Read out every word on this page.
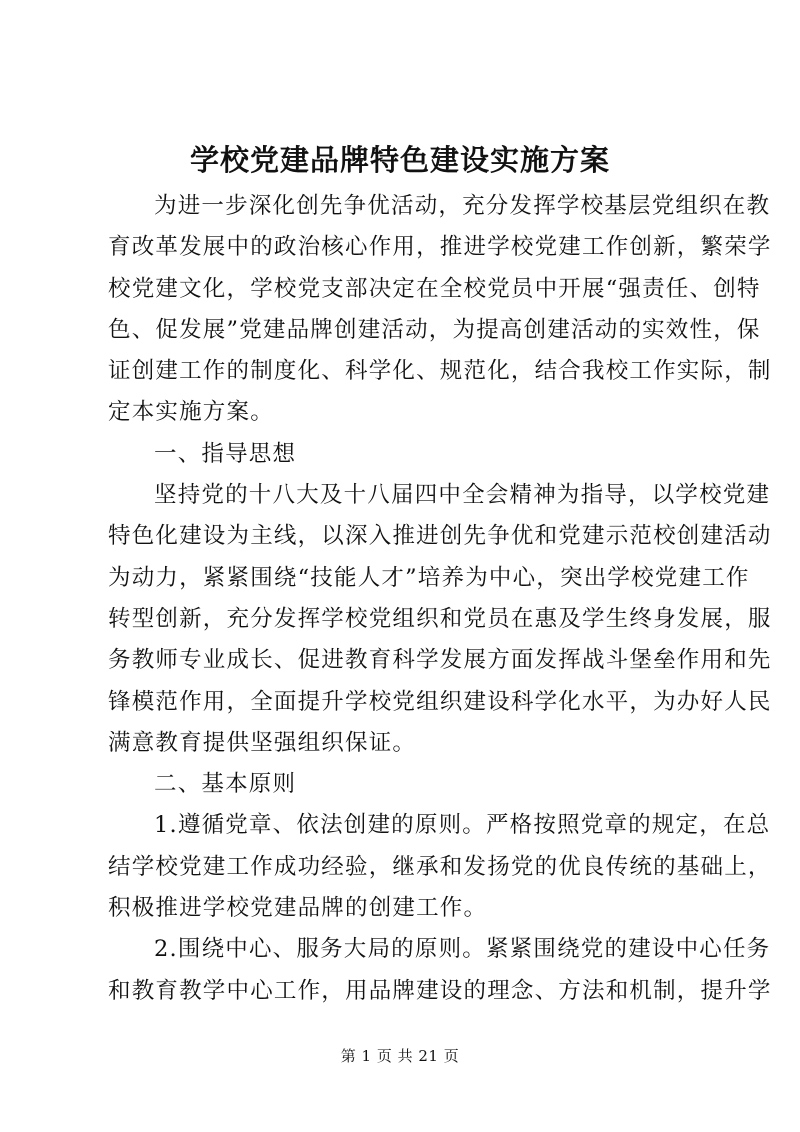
学校党建品牌特色建设实施方案
为进一步深化创先争优活动，充分发挥学校基层党组织在教
育改革发展中的政治核心作用，推进学校党建工作创新，繁荣学
校党建文化，学校党支部决定在全校党员中开展“强责任、创特
色、促发展”党建品牌创建活动，为提高创建活动的实效性，保
证创建工作的制度化、科学化、规范化，结合我校工作实际，制
定本实施方案。
一、指导思想
坚持党的十八大及十八届四中全会精神为指导，以学校党建
特色化建设为主线，以深入推进创先争优和党建示范校创建活动
为动力，紧紧围绕“技能人才”培养为中心，突出学校党建工作
转型创新，充分发挥学校党组织和党员在惠及学生终身发展，服
务教师专业成长、促进教育科学发展方面发挥战斗堡垒作用和先
锋模范作用，全面提升学校党组织建设科学化水平，为办好人民
满意教育提供坚强组织保证。
二、基本原则
1.遵循党章、依法创建的原则。严格按照党章的规定，在总
结学校党建工作成功经验，继承和发扬党的优良传统的基础上，
积极推进学校党建品牌的创建工作。
2.围绕中心、服务大局的原则。紧紧围绕党的建设中心任务
和教育教学中心工作，用品牌建设的理念、方法和机制，提升学
第 1 页 共 21 页
